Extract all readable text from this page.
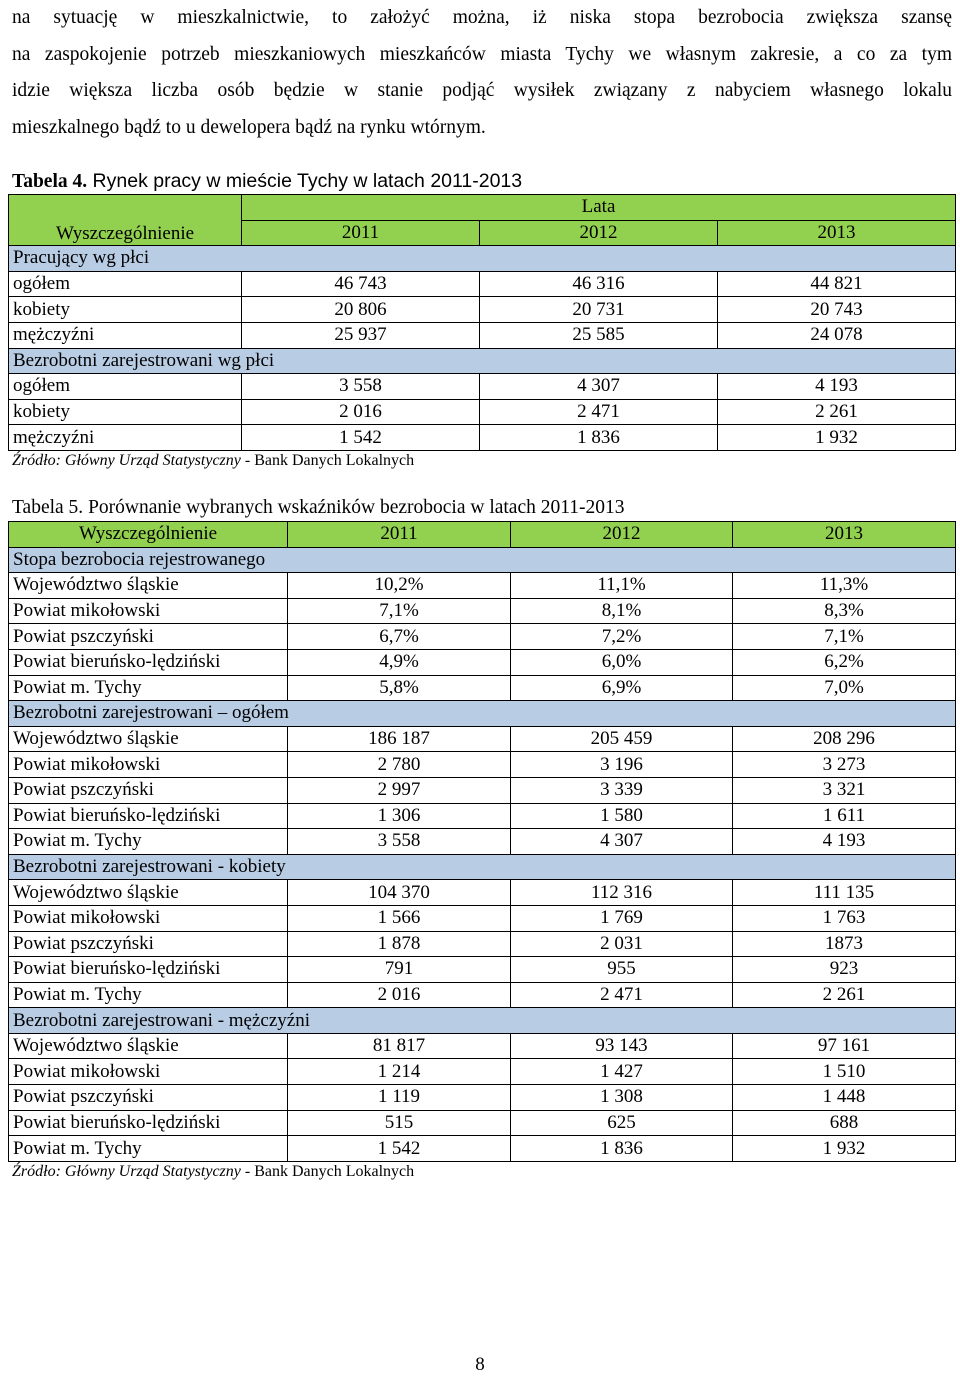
na sytuację w mieszkalnictwie, to założyć można, iż niska stopa bezrobocia zwiększa szansę
na zaspokojenie potrzeb mieszkaniowych mieszkańców miasta Tychy we własnym zakresie, a co za tym
idzie większa liczba osób będzie w stanie podjąć wysiłek związany z nabyciem własnego lokalu
mieszkalnego bądź to u dewelopera bądź na rynku wtórnym.
Tabela 4. Rynek pracy w mieście Tychy w latach 2011-2013
Wyszczególnienie	Lata		
	2011	2012	2013
Pracujący wg płci			
ogółem	46 743	46 316	44 821
kobiety	20 806	20 731	20 743
mężczyźni	25 937	25 585	24 078
Bezrobotni zarejestrowani wg płci			
ogółem	3 558	4 307	4 193
kobiety	2 016	2 471	2 261
mężczyźni	1 542	1 836	1 932
Źródło: Główny Urząd Statystyczny - Bank Danych Lokalnych
Tabela 5. Porównanie wybranych wskaźników bezrobocia w latach 2011-2013
Wyszczególnienie	2011	2012	2013
Stopa bezrobocia rejestrowanego			
Województwo śląskie	10,2%	11,1%	11,3%
Powiat mikołowski	7,1%	8,1%	8,3%
Powiat pszczyński	6,7%	7,2%	7,1%
Powiat bieruńsko-lędziński	4,9%	6,0%	6,2%
Powiat m. Tychy	5,8%	6,9%	7,0%
Bezrobotni zarejestrowani – ogółem			
Województwo śląskie	186 187	205 459	208 296
Powiat mikołowski	2 780	3 196	3 273
Powiat pszczyński	2 997	3 339	3 321
Powiat bieruńsko-lędziński	1 306	1 580	1 611
Powiat m. Tychy	3 558	4 307	4 193
Bezrobotni zarejestrowani - kobiety			
Województwo śląskie	104 370	112 316	111 135
Powiat mikołowski	1 566	1 769	1 763
Powiat pszczyński	1 878	2 031	1873
Powiat bieruńsko-lędziński	791	955	923
Powiat m. Tychy	2 016	2 471	2 261
Bezrobotni zarejestrowani - mężczyźni			
Województwo śląskie	81 817	93 143	97 161
Powiat mikołowski	1 214	1 427	1 510
Powiat pszczyński	1 119	1 308	1 448
Powiat bieruńsko-lędziński	515	625	688
Powiat m. Tychy	1 542	1 836	1 932
Źródło: Główny Urząd Statystyczny - Bank Danych Lokalnych
8
